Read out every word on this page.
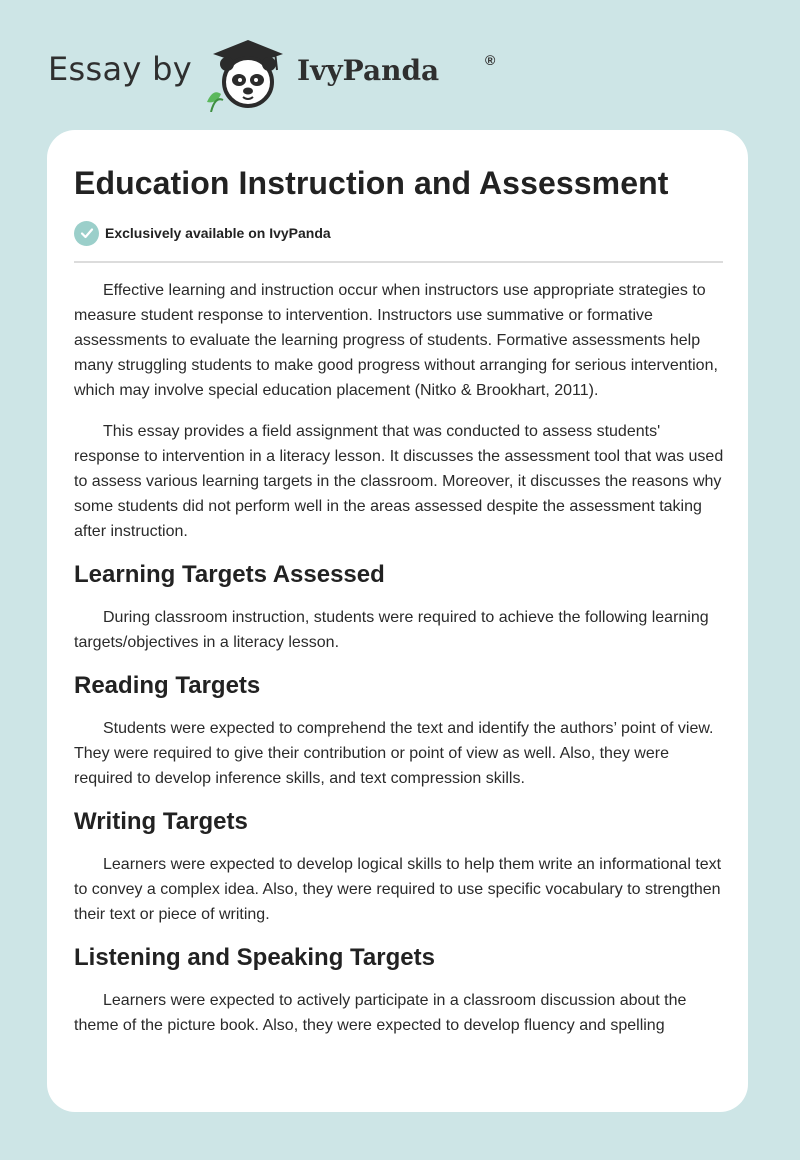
Essay by	IvyPanda	®
Education Instruction and Assessment
Exclusively available on IvyPanda

Effective learning and instruction occur when instructors use appropriate strategies to measure student response to intervention. Instructors use summative or formative assessments to evaluate the learning progress of students. Formative assessments help many struggling students to make good progress without arranging for serious intervention, which may involve special education placement (Nitko & Brookhart, 2011).

This essay provides a field assignment that was conducted to assess students' response to intervention in a literacy lesson. It discusses the assessment tool that was used to assess various learning targets in the classroom. Moreover, it discusses the reasons why some students did not perform well in the areas assessed despite the assessment taking after instruction.

Learning Targets Assessed

During classroom instruction, students were required to achieve the following learning targets/objectives in a literacy lesson.

Reading Targets

Students were expected to comprehend the text and identify the authors’ point of view. They were required to give their contribution or point of view as well. Also, they were required to develop inference skills, and text compression skills.

Writing Targets

Learners were expected to develop logical skills to help them write an informational text to convey a complex idea. Also, they were required to use specific vocabulary to strengthen their text or piece of writing.

Listening and Speaking Targets

Learners were expected to actively participate in a classroom discussion about the theme of the picture book. Also, they were expected to develop fluency and spelling
